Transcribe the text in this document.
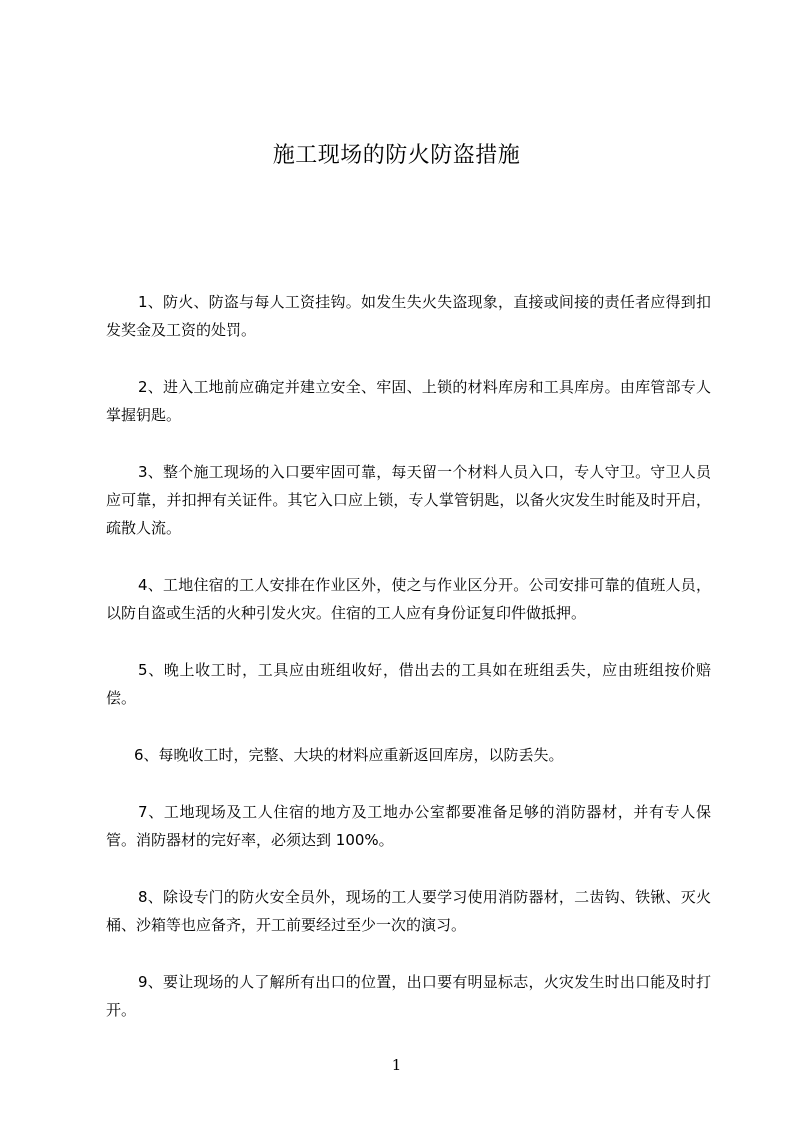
施工现场的防火防盗措施

1、防火、防盗与每人工资挂钩。如发生失火失盗现象，直接或间接的责任者应得到扣发奖金及工资的处罚。

2、进入工地前应确定并建立安全、牢固、上锁的材料库房和工具库房。由库管部专人掌握钥匙。

3、整个施工现场的入口要牢固可靠，每天留一个材料人员入口，专人守卫。守卫人员应可靠，并扣押有关证件。其它入口应上锁，专人掌管钥匙，以备火灾发生时能及时开启，疏散人流。

4、工地住宿的工人安排在作业区外，使之与作业区分开。公司安排可靠的值班人员，以防自盗或生活的火种引发火灾。住宿的工人应有身份证复印件做抵押。

5、晚上收工时，工具应由班组收好，借出去的工具如在班组丢失，应由班组按价赔偿。

6、每晚收工时，完整、大块的材料应重新返回库房，以防丢失。

7、工地现场及工人住宿的地方及工地办公室都要准备足够的消防器材，并有专人保管。消防器材的完好率，必须达到 100%。

8、除设专门的防火安全员外，现场的工人要学习使用消防器材，二齿钩、铁锹、灭火桶、沙箱等也应备齐，开工前要经过至少一次的演习。

9、要让现场的人了解所有出口的位置，出口要有明显标志，火灾发生时出口能及时打开。

1
